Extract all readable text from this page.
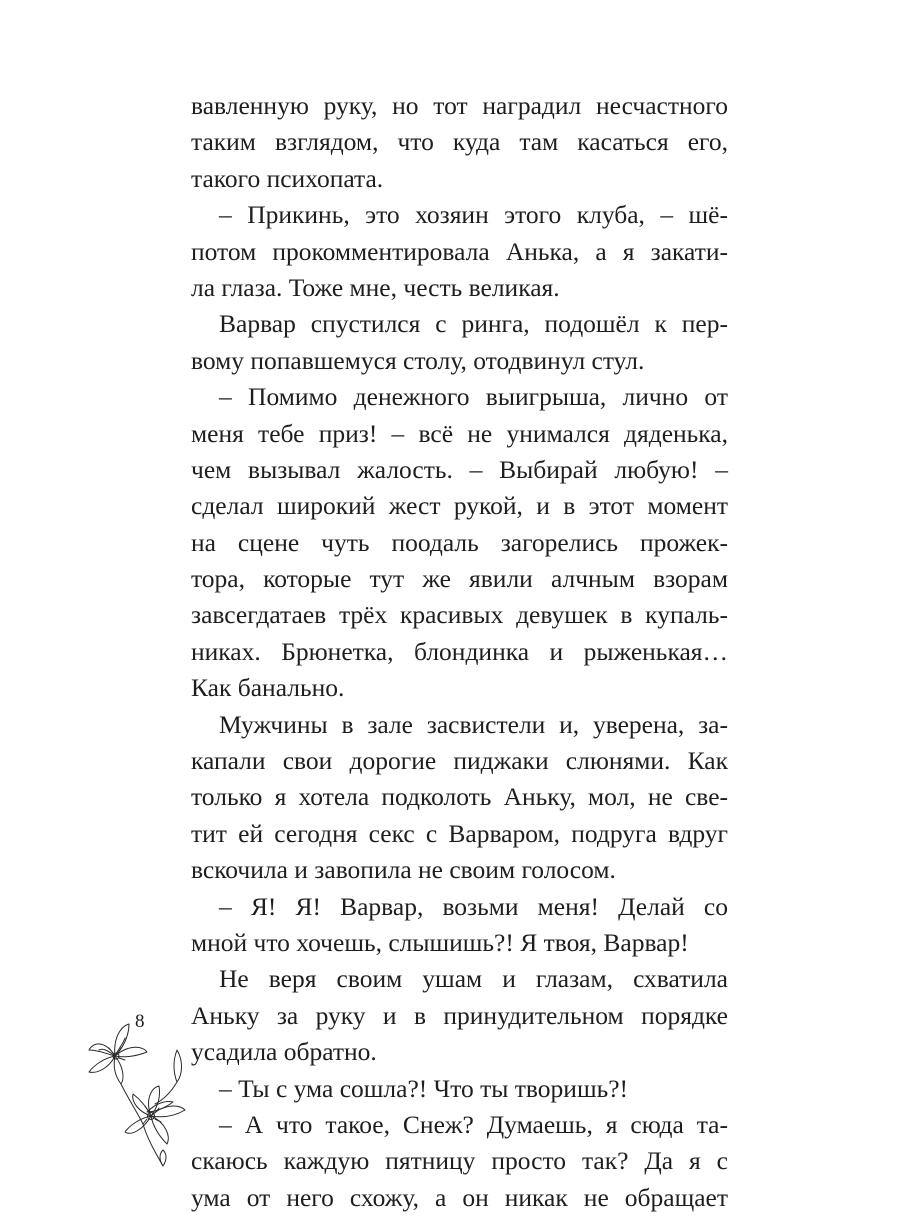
вавленную руку, но тот наградил несчастного
таким взглядом, что куда там касаться его,
такого психопата.
– Прикинь, это хозяин этого клуба, – шё-
потом прокомментировала Анька, а я закати-
ла глаза. Тоже мне, честь великая.
Варвар спустился с ринга, подошёл к пер-
вому попавшемуся столу, отодвинул стул.
– Помимо денежного выигрыша, лично от
меня тебе приз! – всё не унимался дяденька,
чем вызывал жалость. – Выбирай любую! –
сделал широкий жест рукой, и в этот момент
на сцене чуть поодаль загорелись прожек-
тора, которые тут же явили алчным взорам
завсегдатаев трёх красивых девушек в купаль-
никах. Брюнетка, блондинка и рыженькая…
Как банально.
Мужчины в зале засвистели и, уверена, за-
капали свои дорогие пиджаки слюнями. Как
только я хотела подколоть Аньку, мол, не све-
тит ей сегодня секс с Варваром, подруга вдруг
вскочила и завопила не своим голосом.
– Я! Я! Варвар, возьми меня! Делай со
мной что хочешь, слышишь?! Я твоя, Варвар!
Не веря своим ушам и глазам, схватила
Аньку за руку и в принудительном порядке
усадила обратно.
– Ты с ума сошла?! Что ты творишь?!
– А что такое, Снеж? Думаешь, я сюда та-
скаюсь каждую пятницу просто так? Да я с
ума от него схожу, а он никак не обращает
8
